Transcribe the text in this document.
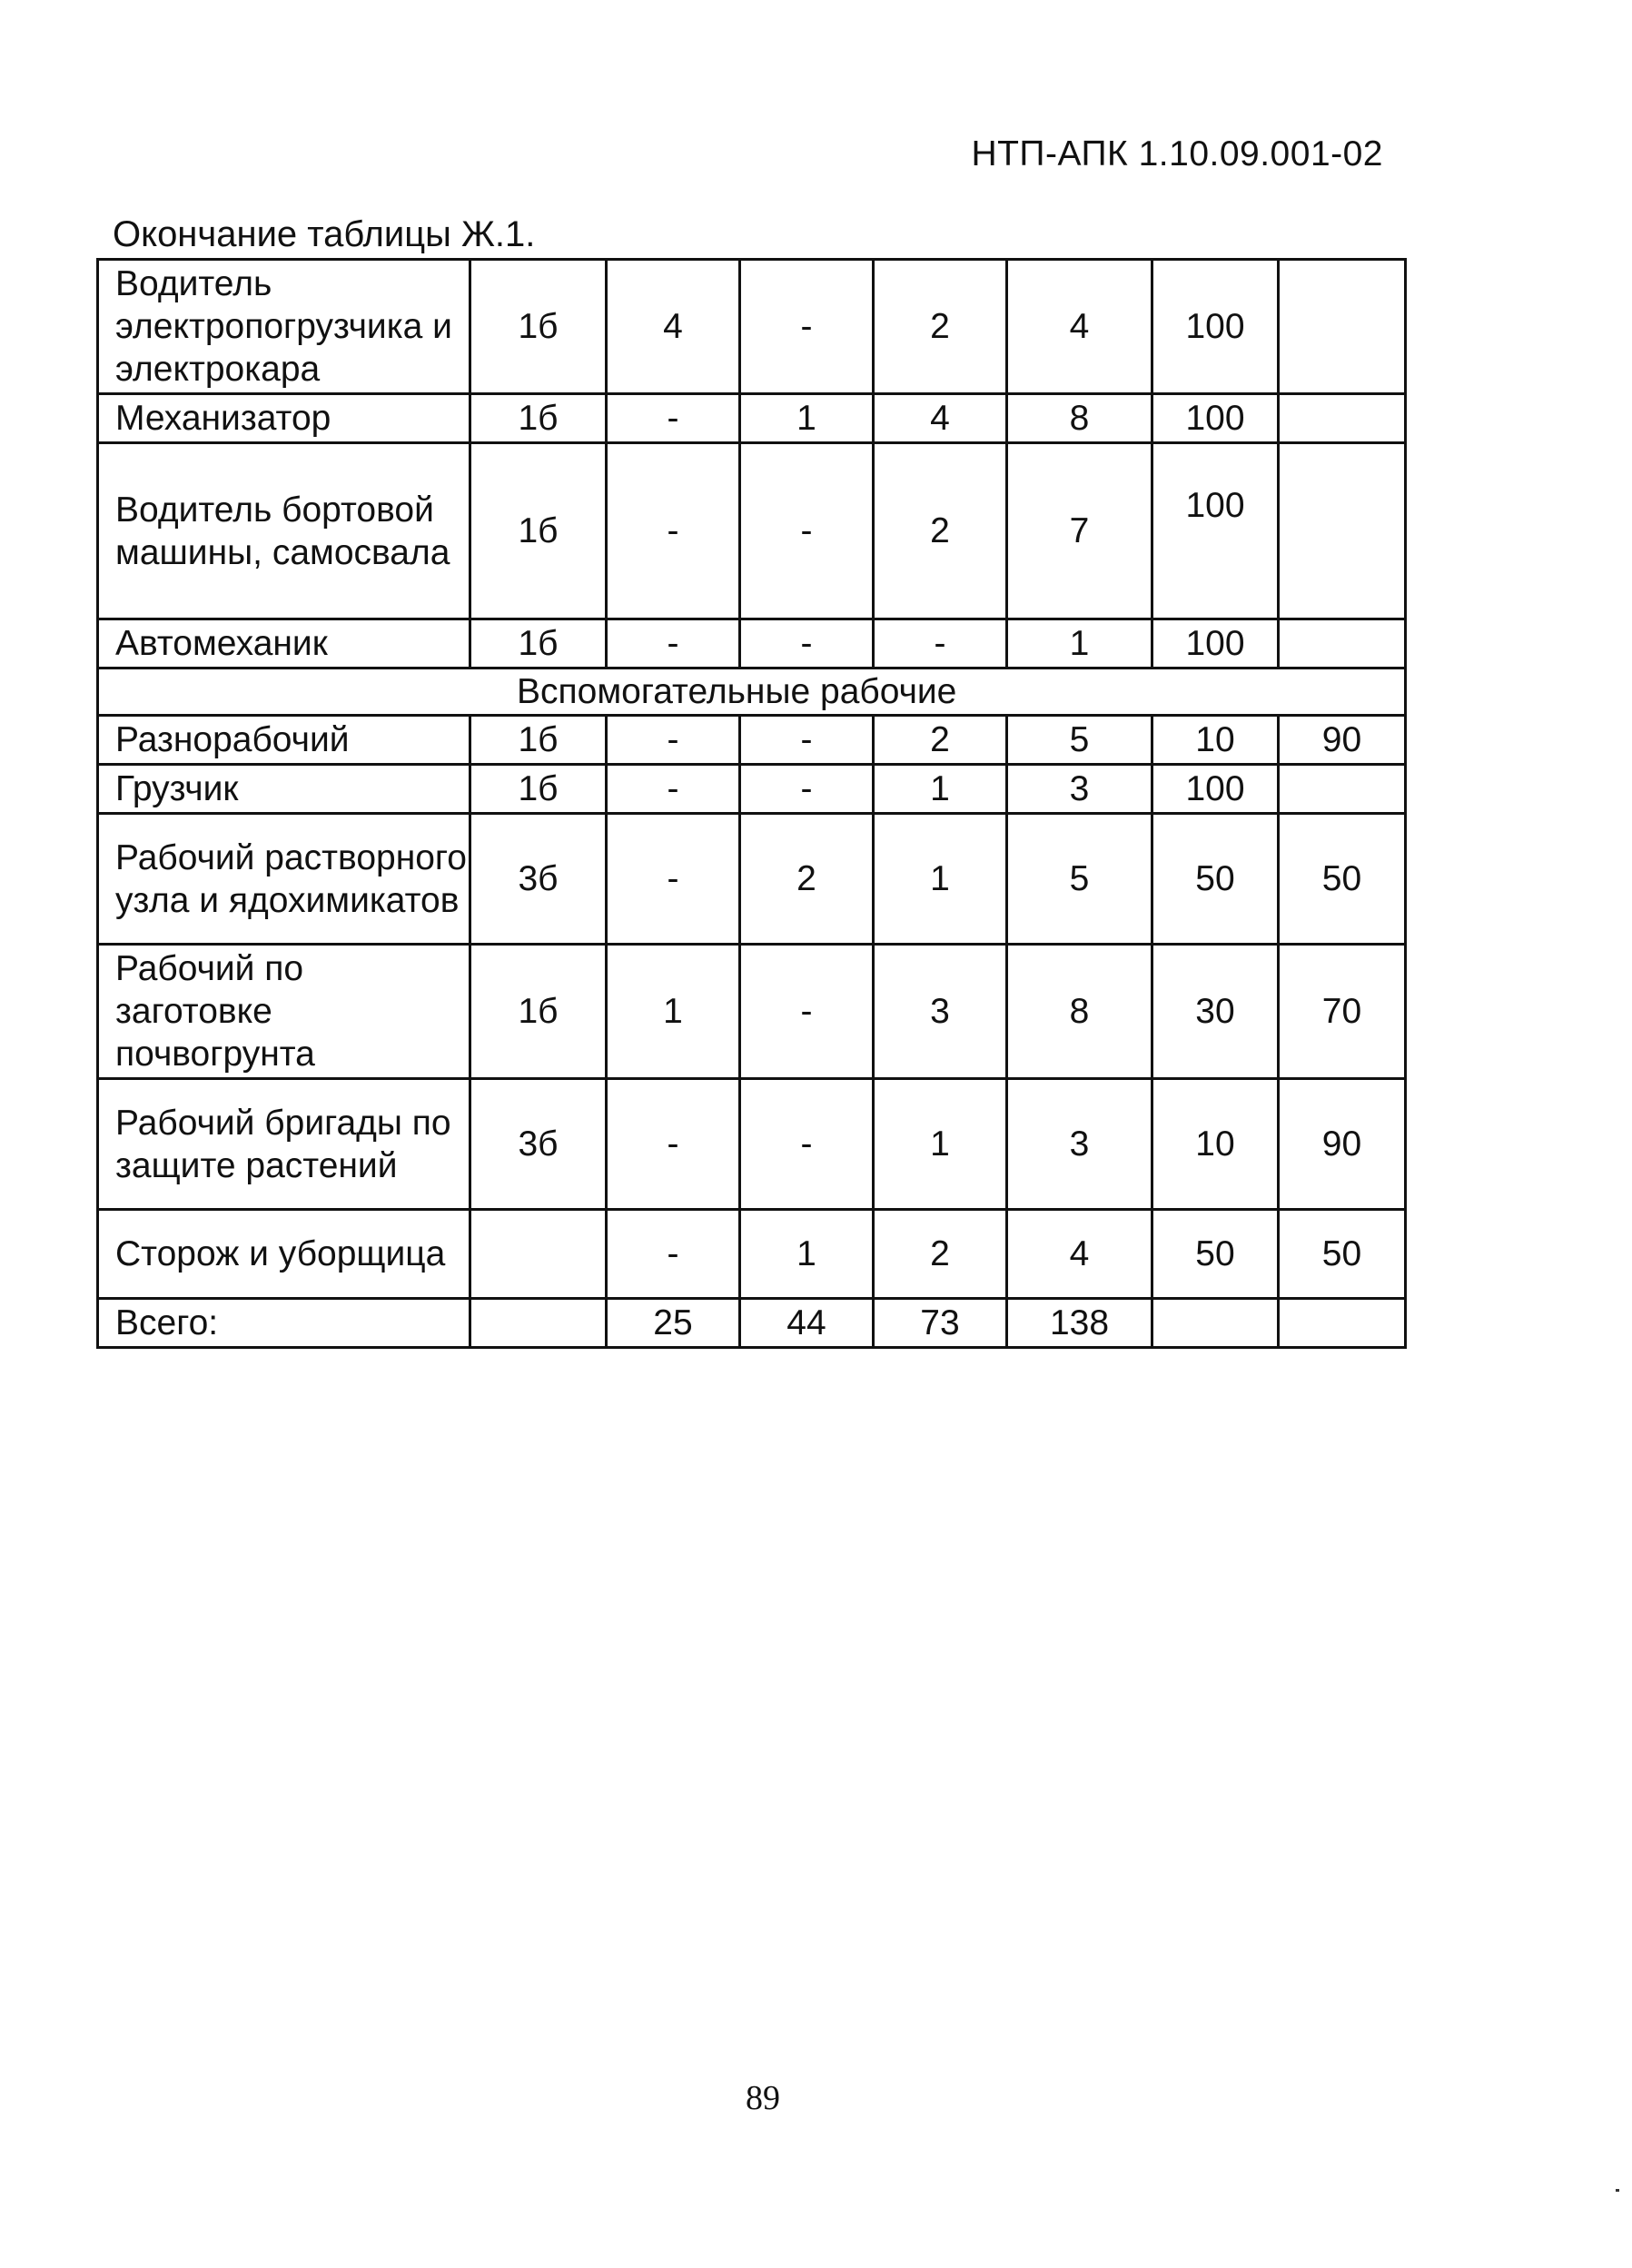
НТП-АПК 1.10.09.001-02
Окончание таблицы Ж.1.
Водитель электропогрузчика и электрокара	1б	4	-	2	4	100	
Механизатор	1б	-	1	4	8	100	
Водитель бортовой машины, самосвала	1б	-	-	2	7	100	
Автомеханик	1б	-	-	-	1	100	
Вспомогательные рабочие							
Разнорабочий	1б	-	-	2	5	10	90
Грузчик	1б	-	-	1	3	100	
Рабочий растворного узла и ядохимикатов	3б	-	2	1	5	50	50
Рабочий по заготовке почвогрунта	1б	1	-	3	8	30	70
Рабочий бригады по защите растений	3б	-	-	1	3	10	90
Сторож и уборщица		-	1	2	4	50	50
Всего:		25	44	73	138		
89
